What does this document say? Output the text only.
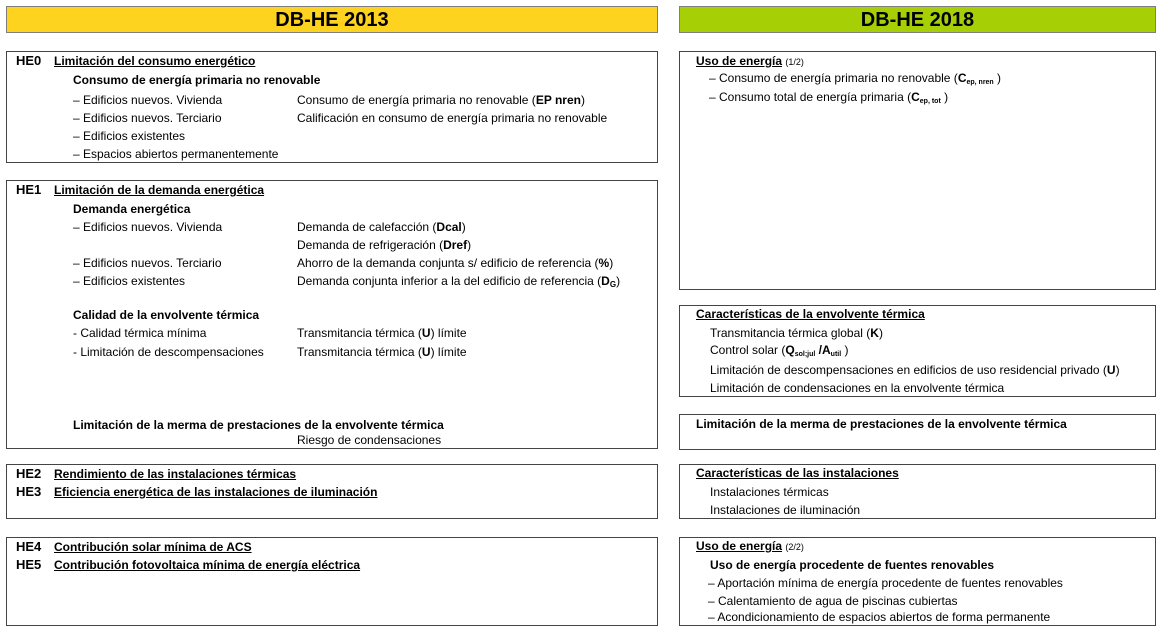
DB-HE 2013	DB-HE 2018
HE0 Limitación del consumo energético
Consumo de energía primaria no renovable
– Edificios nuevos. Vivienda	Consumo de energía primaria no renovable (EP nren)
– Edificios nuevos. Terciario	Calificación en consumo de energía primaria no renovable
– Edificios existentes
– Espacios abiertos permanentemente
HE1 Limitación de la demanda energética
Demanda energética
– Edificios nuevos. Vivienda	Demanda de calefacción (Dcal)
Demanda de refrigeración (Dref)
– Edificios nuevos. Terciario	Ahorro de la demanda conjunta s/ edificio de referencia (%)
– Edificios existentes	Demanda conjunta inferior a la del edificio de referencia $(D_G)$
Calidad de la envolvente térmica
- Calidad térmica mínima	Transmitancia térmica (U) límite
- Limitación de descompensaciones	Transmitancia térmica (U) límite
Limitación de la merma de prestaciones de la envolvente térmica
Riesgo de condensaciones
HE2 Rendimiento de las instalaciones térmicas
HE3 Eficiencia energética de las instalaciones de iluminación
HE4 Contribución solar mínima de ACS
HE5 Contribución fotovoltaica mínima de energía eléctrica
Uso de energía (1/2)
– Consumo de energía primaria no renovable ($C_{ep, nren}$ )
– Consumo total de energía primaria ($C_{ep, tot}$ )
Características de la envolvente térmica
Transmitancia térmica global (K)
Control solar ($Q_{sol;jul}$ $/A_{util}$ )
Limitación de descompensaciones en edificios de uso residencial privado (U)
Limitación de condensaciones en la envolvente térmica
Limitación de la merma de prestaciones de la envolvente térmica
Características de las instalaciones
Instalaciones térmicas
Instalaciones de iluminación
Uso de energía (2/2)
Uso de energía procedente de fuentes renovables
– Aportación mínima de energía procedente de fuentes renovables
– Calentamiento de agua de piscinas cubiertas
– Acondicionamiento de espacios abiertos de forma permanente
